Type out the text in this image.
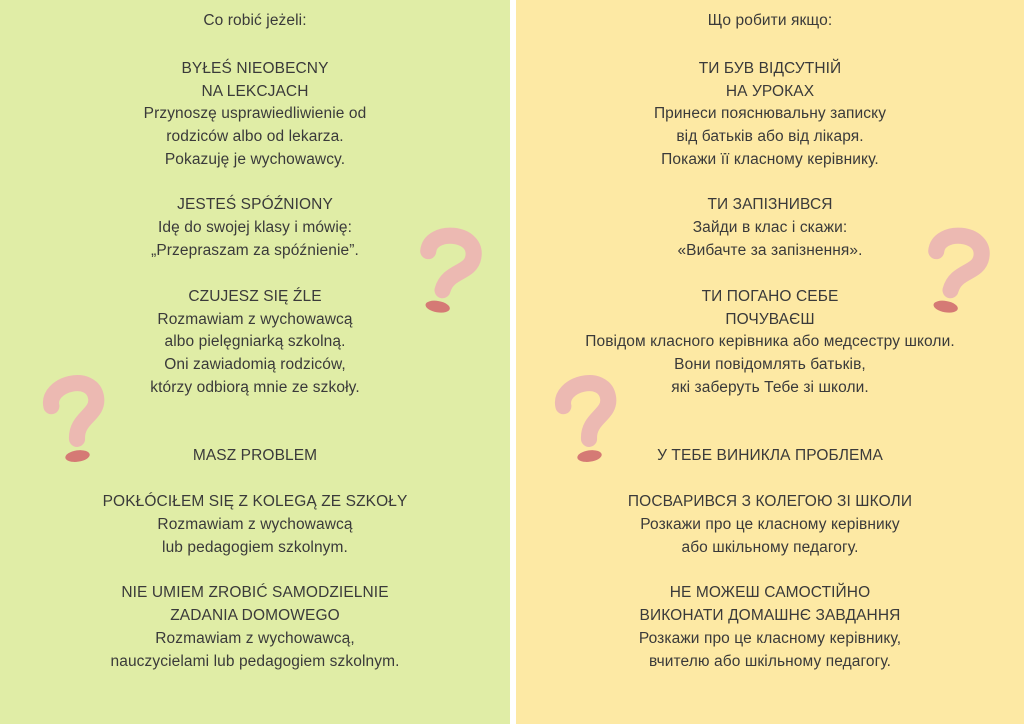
Co robić jeżeli:
BYŁEŚ NIEOBECNY
NA LEKCJACH
Przynoszę usprawiedliwienie od
rodziców albo od lekarza.
Pokazuję je wychowawcy.
JESTEŚ SPÓŹNIONY
Idę do swojej klasy i mówię:
„Przepraszam za spóźnienie”.
CZUJESZ SIĘ ŹLE
Rozmawiam z wychowawcą
albo pielęgniarką szkolną.
Oni zawiadomią rodziców,
którzy odbiorą mnie ze szkoły.
MASZ PROBLEM
POKŁÓCIŁEM SIĘ Z KOLEGĄ ZE SZKOŁY
Rozmawiam z wychowawcą
lub pedagogiem szkolnym.
NIE UMIEM ZROBIĆ SAMODZIELNIE
ZADANIA DOMOWEGO
Rozmawiam z wychowawcą,
nauczycielami lub pedagogiem szkolnym.
Що робити якщо:
ТИ БУВ ВІДСУТНІЙ
НА УРОКАХ
Принеси пояснювальну записку
від батьків або від лікаря.
Покажи її класному керівнику.
ТИ ЗАПІЗНИВСЯ
Зайди в клас і скажи:
«Вибачте за запізнення».
ТИ ПОГАНО СЕБЕ
ПОЧУВАЄШ
Повідом класного керівника або медсестру школи.
Вони повідомлять батьків,
які заберуть Тебе зі школи.
У ТЕБЕ ВИНИКЛА ПРОБЛЕМА
ПОСВАРИВСЯ З КОЛЕГОЮ ЗІ ШКОЛИ
Розкажи про це класному керівнику
або шкільному педагогу.
НЕ МОЖЕШ САМОСТІЙНО
ВИКОНАТИ ДОМАШНЄ ЗАВДАННЯ
Розкажи про це класному керівнику,
вчителю або шкільному педагогу.
